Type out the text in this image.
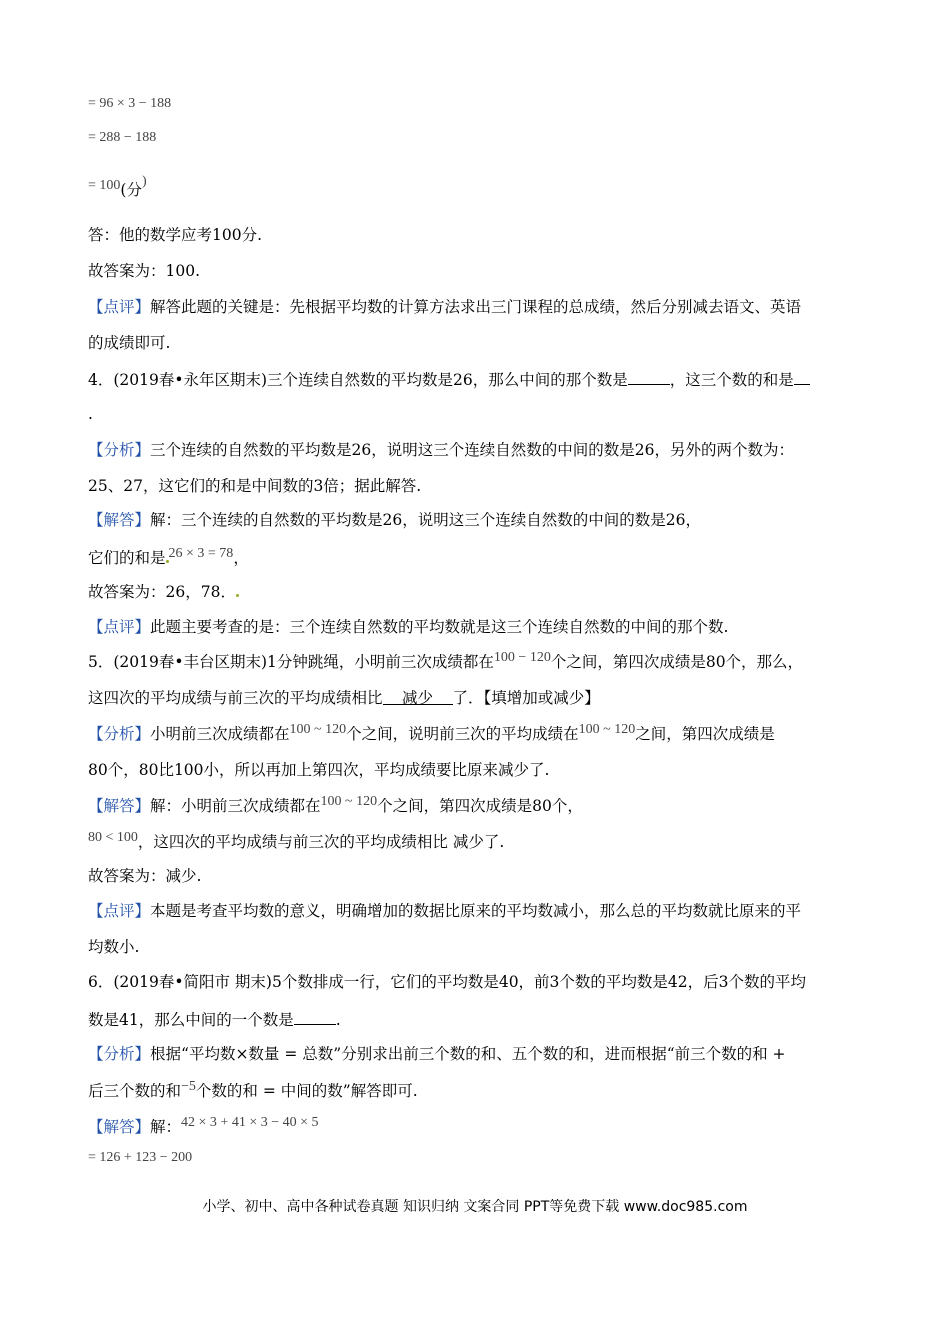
= 96 × 3 − 188
= 288 − 188
= 100(分)
答：他的数学应考100分.
故答案为：100.
【点评】解答此题的关键是：先根据平均数的计算方法求出三门课程的总成绩，然后分别减去语文、英语
的成绩即可.
4．(2019春•永年区期末)三个连续自然数的平均数是26，那么中间的那个数是	，这三个数的和是
.
【分析】三个连续的自然数的平均数是26，说明这三个连续自然数的中间的数是26，另外的两个数为：
25、27，这它们的和是中间数的3倍；据此解答.
【解答】解：三个连续的自然数的平均数是26，说明这三个连续自然数的中间的数是26，
它们的和是 26 × 3 = 78，
故答案为：26，78．
【点评】此题主要考查的是：三个连续自然数的平均数就是这三个连续自然数的中间的那个数.
5．(2019春•丰台区期末)1分钟跳绳，小明前三次成绩都在100 − 120个之间，第四次成绩是80个，那么，
这四次的平均成绩与前三次的平均成绩相比 减少 了．【填增加或减少】
【分析】小明前三次成绩都在100 ~ 120个之间，说明前三次的平均成绩在100 ~ 120之间，第四次成绩是
80个，80比100小，所以再加上第四次，平均成绩要比原来减少了.
【解答】解：小明前三次成绩都在100 ~ 120个之间，第四次成绩是80个，
80 < 100，这四次的平均成绩与前三次的平均成绩相比 减少了.
故答案为：减少.
【点评】本题是考查平均数的意义，明确增加的数据比原来的平均数减小，那么总的平均数就比原来的平
均数小.
6．(2019春•简阳市 期末)5个数排成一行，它们的平均数是40，前3个数的平均数是42，后3个数的平均
数是41，那么中间的一个数是	.
【分析】根据“平均数×数量 = 总数”分别求出前三个数的和、五个数的和，进而根据“前三个数的和 +
后三个数的和−5个数的和 = 中间的数”解答即可.
【解答】解：42 × 3 + 41 × 3 − 40 × 5
= 126 + 123 − 200
小学、初中、高中各种试卷真题 知识归纳 文案合同 PPT等免费下载 www.doc985.com
